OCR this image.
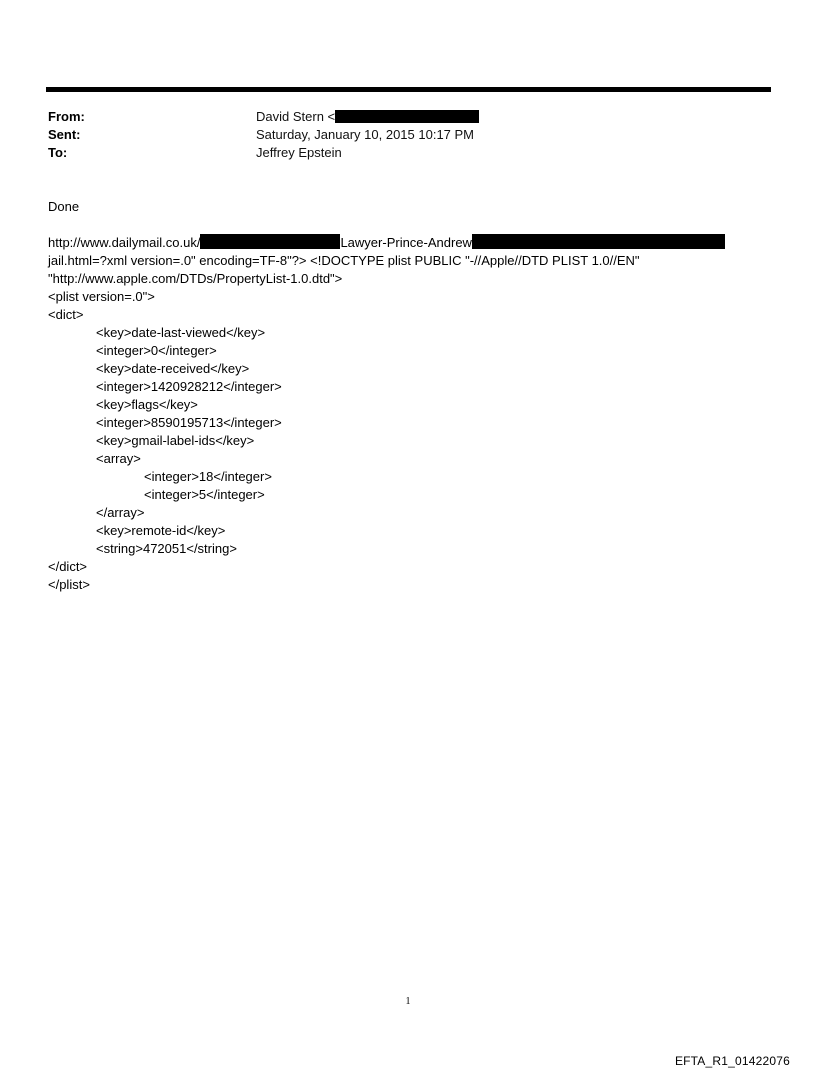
From:	David Stern <
Sent:	Saturday, January 10, 2015 10:17 PM
To:	Jeffrey Epstein
Done
http://www.dailymail.co.uk/	Lawyer-Prince-Andrew
jail.html=?xml version=.0" encoding=TF-8"?> <!DOCTYPE plist PUBLIC "-//Apple//DTD PLIST 1.0//EN"
"http://www.apple.com/DTDs/PropertyList-1.0.dtd">
<plist version=.0">
<dict>
<key>date-last-viewed</key>
<integer>0</integer>
<key>date-received</key>
<integer>1420928212</integer>
<key>flags</key>
<integer>8590195713</integer>
<key>gmail-label-ids</key>
<array>
<integer>18</integer>
<integer>5</integer>
</array>
<key>remote-id</key>
<string>472051</string>
</dict>
</plist>
1
EFTA_R1_01422076
